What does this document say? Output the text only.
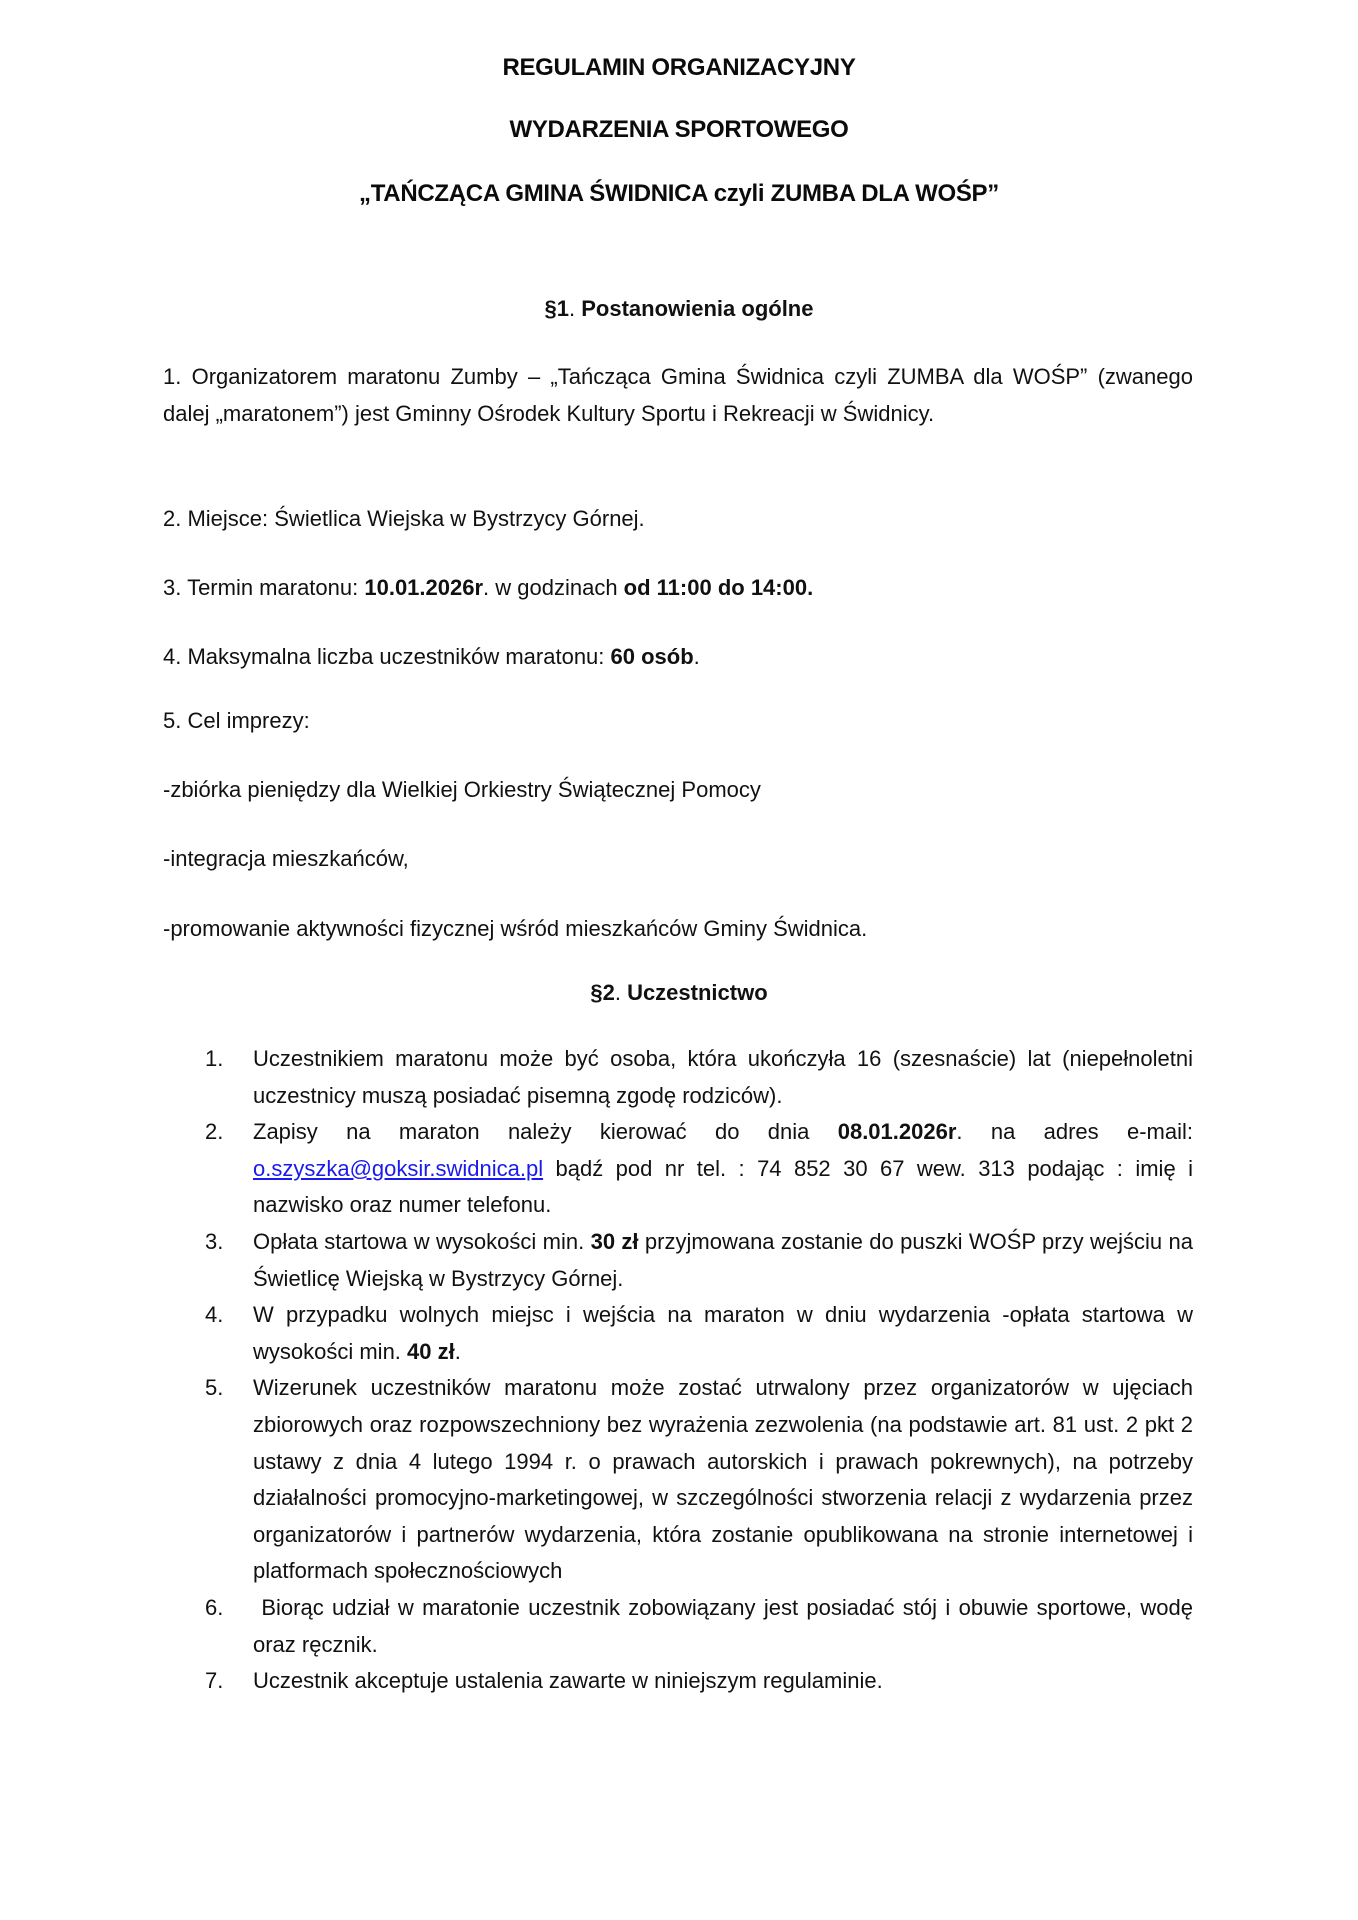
REGULAMIN ORGANIZACYJNY
WYDARZENIA SPORTOWEGO
„TAŃCZĄCA GMINA ŚWIDNICA czyli ZUMBA DLA WOŚP”
§1. Postanowienia ogólne
1. Organizatorem maratonu Zumby – „Tańcząca Gmina Świdnica czyli ZUMBA dla WOŚP” (zwanego dalej „maratonem”) jest Gminny Ośrodek Kultury Sportu i Rekreacji w Świdnicy.
2. Miejsce: Świetlica Wiejska w Bystrzycy Górnej.
3. Termin maratonu: 10.01.2026r. w godzinach od 11:00 do 14:00.
4. Maksymalna liczba uczestników maratonu: 60 osób.
5. Cel imprezy:
-zbiórka pieniędzy dla Wielkiej Orkiestry Świątecznej Pomocy
-integracja mieszkańców,
-promowanie aktywności fizycznej wśród mieszkańców Gminy Świdnica.
§2. Uczestnictwo
1. Uczestnikiem maratonu może być osoba, która ukończyła 16 (szesnaście) lat (niepełnoletni uczestnicy muszą posiadać pisemną zgodę rodziców).
2. Zapisy na maraton należy kierować do dnia 08.01.2026r. na adres e-mail: o.szyszka@goksir.swidnica.pl bądź pod nr tel. : 74 852 30 67 wew. 313 podając : imię i nazwisko oraz numer telefonu.
3. Opłata startowa w wysokości min. 30 zł przyjmowana zostanie do puszki WOŚP przy wejściu na Świetlicę Wiejską w Bystrzycy Górnej.
4. W przypadku wolnych miejsc i wejścia na maraton w dniu wydarzenia -opłata startowa w wysokości min. 40 zł.
5. Wizerunek uczestników maratonu może zostać utrwalony przez organizatorów w ujęciach zbiorowych oraz rozpowszechniony bez wyrażenia zezwolenia (na podstawie art. 81 ust. 2 pkt 2 ustawy z dnia 4 lutego 1994 r. o prawach autorskich i prawach pokrewnych), na potrzeby działalności promocyjno-marketingowej, w szczególności stworzenia relacji z wydarzenia przez organizatorów i partnerów wydarzenia, która zostanie opublikowana na stronie internetowej i platformach społecznościowych
6. Biorąc udział w maratonie uczestnik zobowiązany jest posiadać stój i obuwie sportowe, wodę oraz ręcznik.
7. Uczestnik akceptuje ustalenia zawarte w niniejszym regulaminie.
